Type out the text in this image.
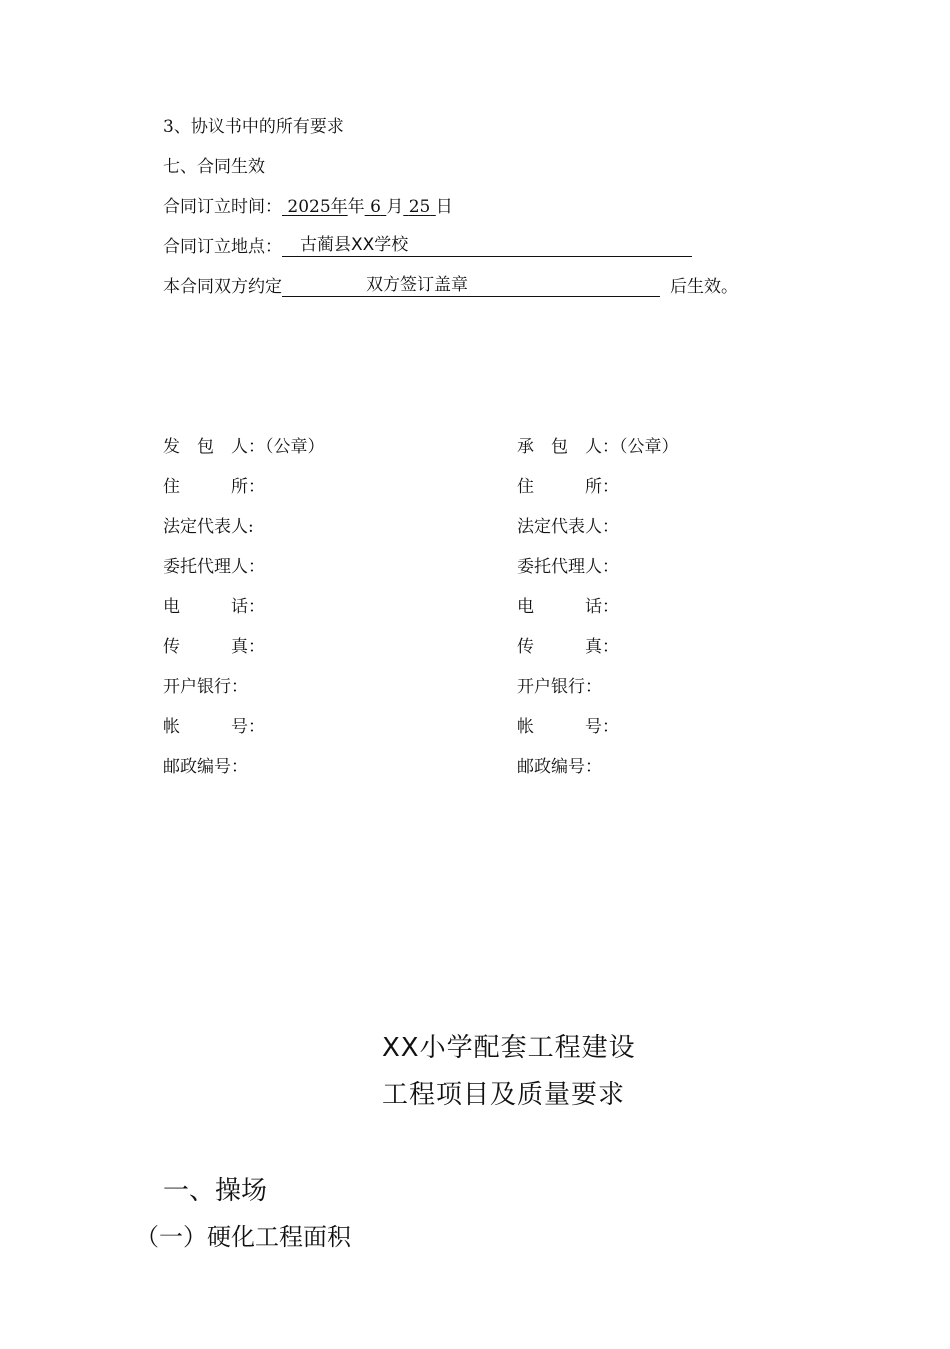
3、协议书中的所有要求
七、合同生效
合同订立时间： 2025年年 6 月 25 日
合同订立地点： 古蔺县XX学校
本合同双方约定	双方签订盖章	后生效。
发　包　人：（公章）
住　　　所：
法定代表人:
委托代理人：
电　　　话：
传　　　真：
开户银行：
帐　　　号：
邮政编号：
承　包　人：（公章）
住　　　所：
法定代表人：
委托代理人：
电　　　话：
传　　　真：
开户银行：
帐　　　号：
邮政编号：
XX小学配套工程建设
工程项目及质量要求
一、操场
（一）硬化工程面积
